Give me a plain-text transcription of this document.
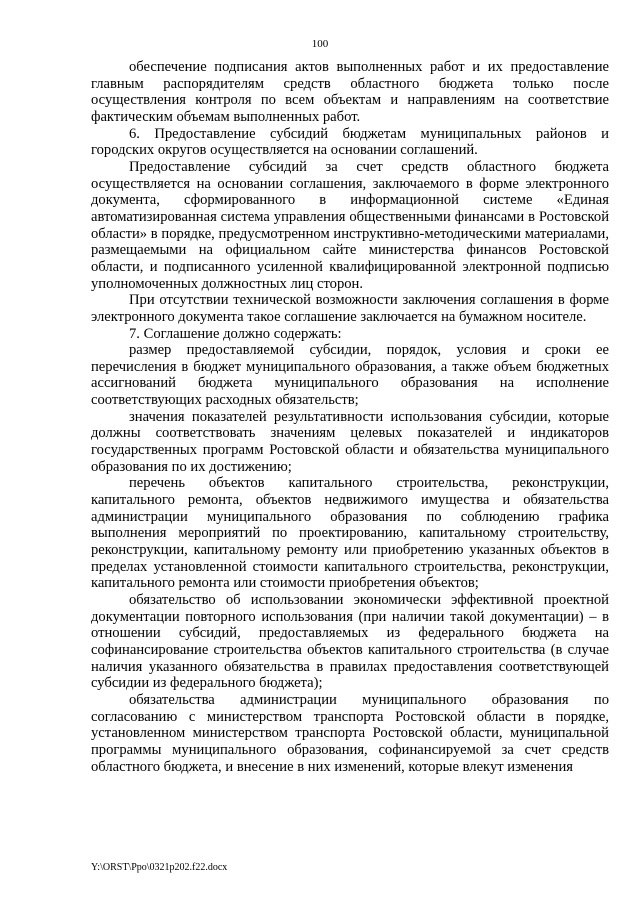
100

обеспечение подписания актов выполненных работ и их предоставление главным распорядителям средств областного бюджета только после осуществления контроля по всем объектам и направлениям на соответствие фактическим объемам выполненных работ.

6. Предоставление субсидий бюджетам муниципальных районов и городских округов осуществляется на основании соглашений.

Предоставление субсидий за счет средств областного бюджета осуществляется на основании соглашения, заключаемого в форме электронного документа, сформированного в информационной системе «Единая автоматизированная система управления общественными финансами в Ростовской области» в порядке, предусмотренном инструктивно-методическими материалами, размещаемыми на официальном сайте министерства финансов Ростовской области, и подписанного усиленной квалифицированной электронной подписью уполномоченных должностных лиц сторон.

При отсутствии технической возможности заключения соглашения в форме электронного документа такое соглашение заключается на бумажном носителе.

7. Соглашение должно содержать:

размер предоставляемой субсидии, порядок, условия и сроки ее перечисления в бюджет муниципального образования, а также объем бюджетных ассигнований бюджета муниципального образования на исполнение соответствующих расходных обязательств;

значения показателей результативности использования субсидии, которые должны соответствовать значениям целевых показателей и индикаторов государственных программ Ростовской области и обязательства муниципального образования по их достижению;

перечень объектов капитального строительства, реконструкции, капитального ремонта, объектов недвижимого имущества и обязательства администрации муниципального образования по соблюдению графика выполнения мероприятий по проектированию, капитальному строительству, реконструкции, капитальному ремонту или приобретению указанных объектов в пределах установленной стоимости капитального строительства, реконструкции, капитального ремонта или стоимости приобретения объектов;

обязательство об использовании экономически эффективной проектной документации повторного использования (при наличии такой документации) – в отношении субсидий, предоставляемых из федерального бюджета на софинансирование строительства объектов капитального строительства (в случае наличия указанного обязательства в правилах предоставления соответствующей субсидии из федерального бюджета);

обязательства администрации муниципального образования по согласованию с министерством транспорта Ростовской области в порядке, установленном министерством транспорта Ростовской области, муниципальной программы муниципального образования, софинансируемой за счет средств областного бюджета, и внесение в них изменений, которые влекут изменения

Y:\ORST\Ppo\0321p202.f22.docx
